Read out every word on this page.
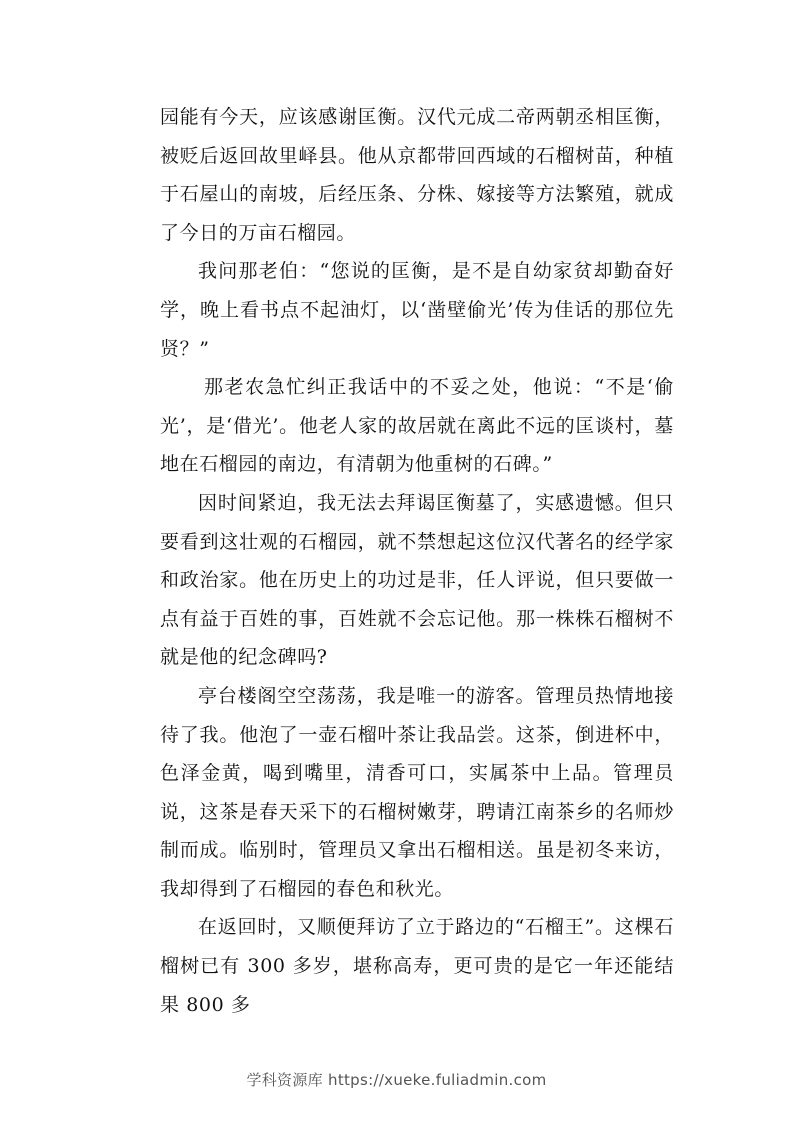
园能有今天，应该感谢匡衡。汉代元成二帝两朝丞相匡衡，被贬后返回故里峄县。他从京都带回西域的石榴树苗，种植于石屋山的南坡，后经压条、分株、嫁接等方法繁殖，就成了今日的万亩石榴园。

我问那老伯：“您说的匡衡，是不是自幼家贫却勤奋好学，晚上看书点不起油灯，以‘凿壁偷光’传为佳话的那位先贤？”

那老农急忙纠正我话中的不妥之处，他说：“不是‘偷光’，是‘借光’。他老人家的故居就在离此不远的匡谈村，墓地在石榴园的南边，有清朝为他重树的石碑。”

因时间紧迫，我无法去拜谒匡衡墓了，实感遗憾。但只要看到这壮观的石榴园，就不禁想起这位汉代著名的经学家和政治家。他在历史上的功过是非，任人评说，但只要做一点有益于百姓的事，百姓就不会忘记他。那一株株石榴树不就是他的纪念碑吗?

亭台楼阁空空荡荡，我是唯一的游客。管理员热情地接待了我。他泡了一壶石榴叶茶让我品尝。这茶，倒进杯中，色泽金黄，喝到嘴里，清香可口，实属茶中上品。管理员说，这茶是春天采下的石榴树嫩芽，聘请江南茶乡的名师炒制而成。临别时，管理员又拿出石榴相送。虽是初冬来访，我却得到了石榴园的春色和秋光。

在返回时，又顺便拜访了立于路边的“石榴王”。这棵石榴树已有 300 多岁，堪称高寿，更可贵的是它一年还能结果 800 多

学科资源库 https://xueke.fuliadmin.com
